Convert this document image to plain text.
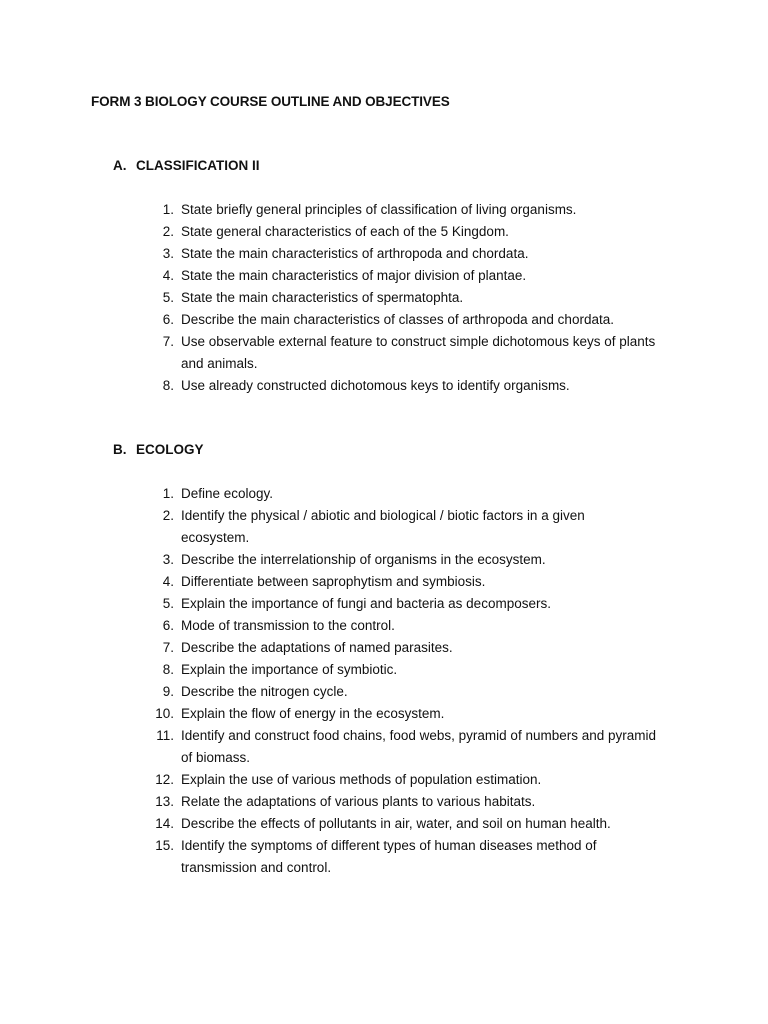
FORM 3 BIOLOGY COURSE OUTLINE AND OBJECTIVES
A. CLASSIFICATION II
1. State briefly general principles of classification of living organisms.
2. State general characteristics of each of the 5 Kingdom.
3. State the main characteristics of arthropoda and chordata.
4. State the main characteristics of major division of plantae.
5. State the main characteristics of spermatophta.
6. Describe the main characteristics of classes of arthropoda and chordata.
7. Use observable external feature to construct simple dichotomous keys of plants and animals.
8. Use already constructed dichotomous keys to identify organisms.
B. ECOLOGY
1. Define ecology.
2. Identify the physical / abiotic and biological / biotic factors in a given ecosystem.
3. Describe the interrelationship of organisms in the ecosystem.
4. Differentiate between saprophytism and symbiosis.
5. Explain the importance of fungi and bacteria as decomposers.
6. Mode of transmission to the control.
7. Describe the adaptations of named parasites.
8. Explain the importance of symbiotic.
9. Describe the nitrogen cycle.
10. Explain the flow of energy in the ecosystem.
11. Identify and construct food chains, food webs, pyramid of numbers and pyramid of biomass.
12. Explain the use of various methods of population estimation.
13. Relate the adaptations of various plants to various habitats.
14. Describe the effects of pollutants in air, water, and soil on human health.
15. Identify the symptoms of different types of human diseases method of transmission and control.
